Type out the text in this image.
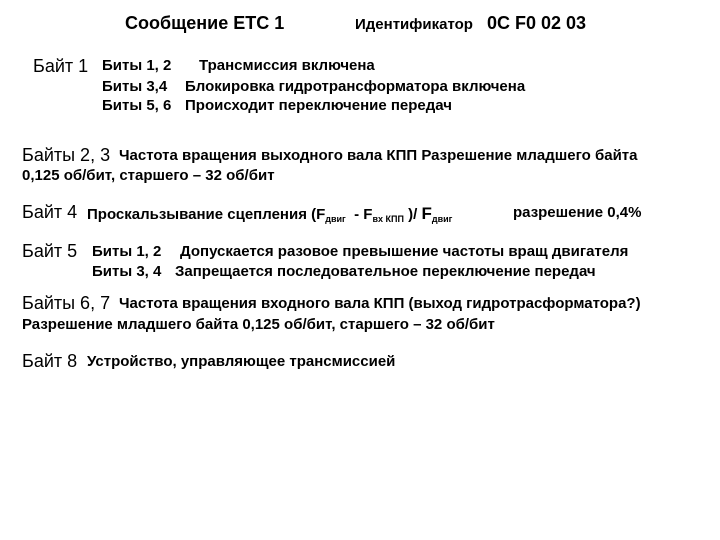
Сообщение ETC 1	Идентификатор 0C F0 02 03
Байт 1 Биты 1, 2 Трансмиссия включена
Биты 3,4 Блокировка гидротрансформатора включена
Биты 5, 6 Происходит переключение передач
Байты 2, 3 Частота вращения выходного вала КПП Разрешение младшего байта
0,125 об/бит, старшего – 32 об/бит
Байт 4 Проскальзывание сцепления ($F_{двиг} - F_{вх КПП}$ )/ $F_{двиг}$	разрешение 0,4%
Байт 5 Биты 1, 2 Допускается разовое превышение частоты вращ двигателя
Биты 3, 4 Запрещается последовательное переключение передач
Байты 6, 7 Частота вращения входного вала КПП (выход гидротрасформатора?)
Разрешение младшего байта 0,125 об/бит, старшего – 32 об/бит
Байт 8 Устройство, управляющее трансмиссией
